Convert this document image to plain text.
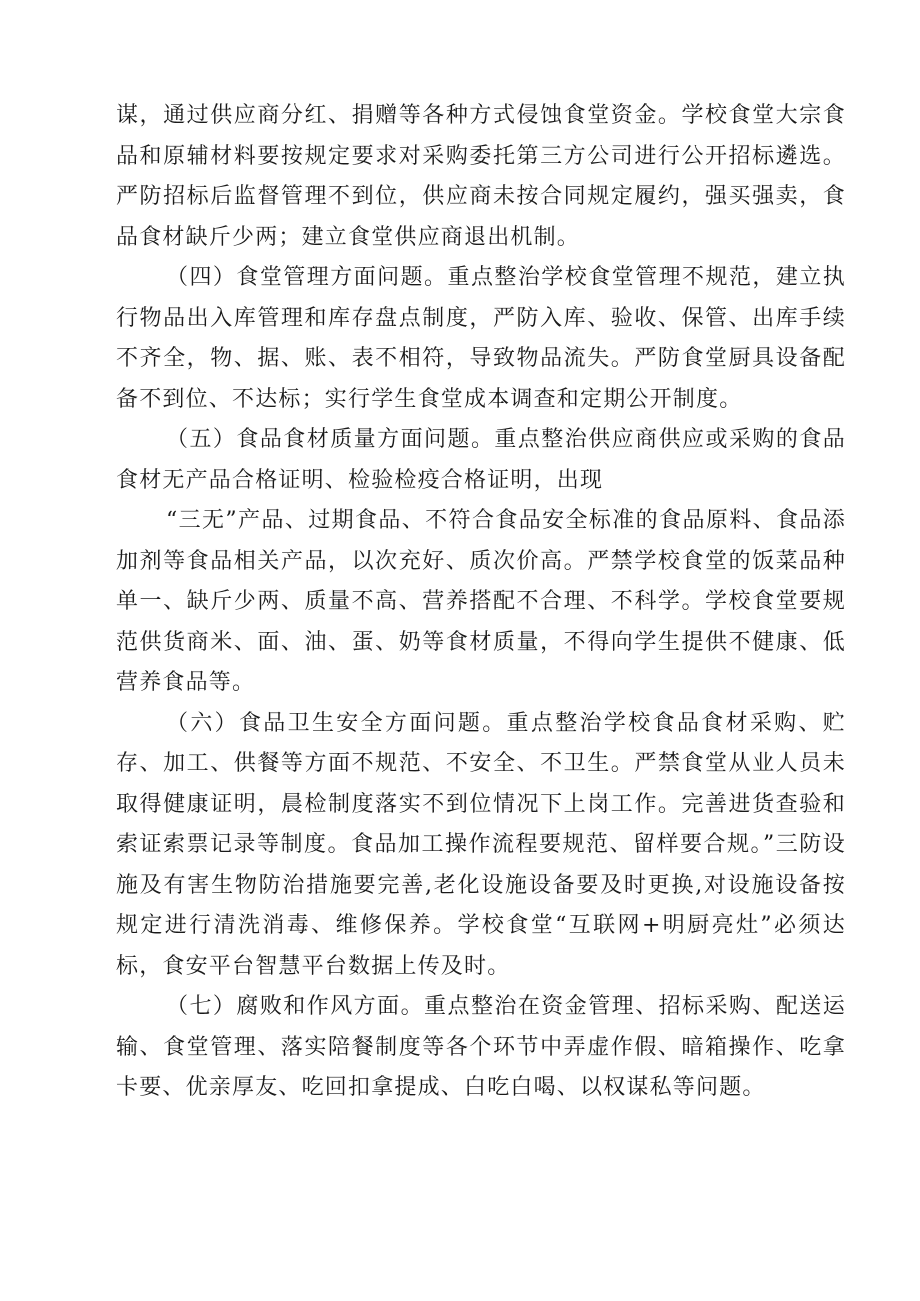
谋，通过供应商分红、捐赠等各种方式侵蚀食堂资金。学校食堂大宗食品和原辅材料要按规定要求对采购委托第三方公司进行公开招标遴选。严防招标后监督管理不到位，供应商未按合同规定履约，强买强卖，食品食材缺斤少两；建立食堂供应商退出机制。

（四）食堂管理方面问题。重点整治学校食堂管理不规范，建立执行物品出入库管理和库存盘点制度，严防入库、验收、保管、出库手续不齐全，物、据、账、表不相符，导致物品流失。严防食堂厨具设备配备不到位、不达标；实行学生食堂成本调查和定期公开制度。

（五）食品食材质量方面问题。重点整治供应商供应或采购的食品食材无产品合格证明、检验检疫合格证明，出现

“三无”产品、过期食品、不符合食品安全标准的食品原料、食品添加剂等食品相关产品，以次充好、质次价高。严禁学校食堂的饭菜品种单一、缺斤少两、质量不高、营养搭配不合理、不科学。学校食堂要规范供货商米、面、油、蛋、奶等食材质量，不得向学生提供不健康、低营养食品等。

（六）食品卫生安全方面问题。重点整治学校食品食材采购、贮存、加工、供餐等方面不规范、不安全、不卫生。严禁食堂从业人员未取得健康证明，晨检制度落实不到位情况下上岗工作。完善进货查验和索证索票记录等制度。食品加工操作流程要规范、留样要合规。”三防设施及有害生物防治措施要完善,老化设施设备要及时更换,对设施设备按规定进行清洗消毒、维修保养。学校食堂“互联网+明厨亮灶”必须达标，食安平台智慧平台数据上传及时。

（七）腐败和作风方面。重点整治在资金管理、招标采购、配送运输、食堂管理、落实陪餐制度等各个环节中弄虚作假、暗箱操作、吃拿卡要、优亲厚友、吃回扣拿提成、白吃白喝、以权谋私等问题。
